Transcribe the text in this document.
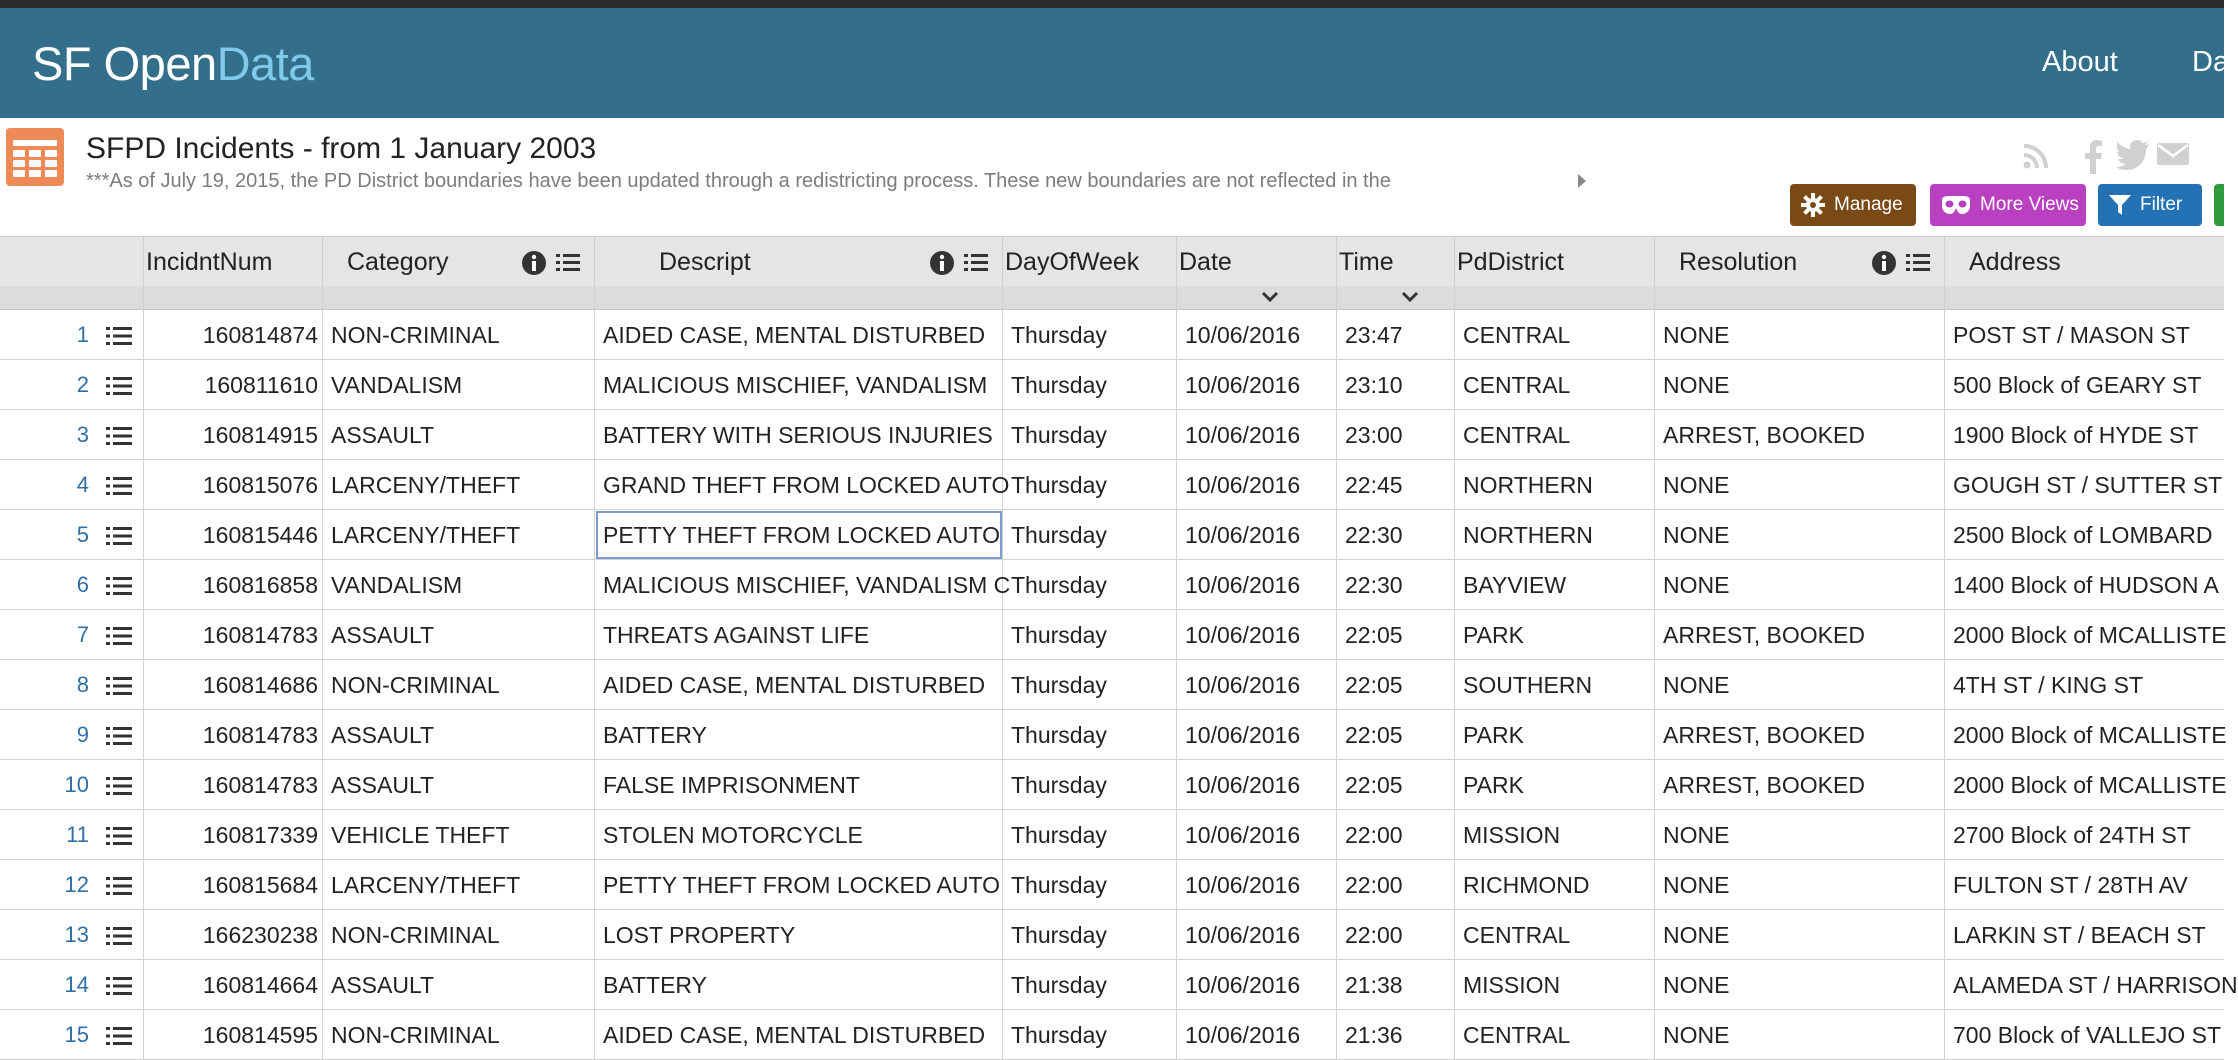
SF OpenData	About	Da
SFPD Incidents - from 1 January 2003
***As of July 19, 2015, the PD District boundaries have been updated through a redistricting process. These new boundaries are not reflected in the
Manage	More Views	Filter
IncidntNum	Category	Descript	DayOfWeek Date	Time	PdDistrict	Resolution	Address
1	160814874 NON-CRIMINAL	AIDED CASE, MENTAL DISTURBED	Thursday	10/06/2016	23:47	CENTRAL	NONE	POST ST / MASON ST
2	160811610 VANDALISM	MALICIOUS MISCHIEF, VANDALISM	Thursday	10/06/2016	23:10	CENTRAL	NONE	500 Block of GEARY ST
3	160814915 ASSAULT	BATTERY WITH SERIOUS INJURIES Thursday	10/06/2016	23:00	CENTRAL	ARREST, BOOKED	1900 Block of HYDE ST
4	160815076 LARCENY/THEFT	GRAND THEFT FROM LOCKED AUTO Thursday	10/06/2016	22:45	NORTHERN	NONE	GOUGH ST / SUTTER ST
5	160815446 LARCENY/THEFT	PETTY THEFT FROM LOCKED AUTO Thursday	10/06/2016	22:30	NORTHERN	NONE	2500 Block of LOMBARD
6	160816858 VANDALISM	MALICIOUS MISCHIEF, VANDALISM C Thursday	10/06/2016	22:30	BAYVIEW	NONE	1400 Block of HUDSON A
7	160814783 ASSAULT	THREATS AGAINST LIFE	Thursday	10/06/2016	22:05	PARK	ARREST, BOOKED	2000 Block of MCALLISTE
8	160814686 NON-CRIMINAL	AIDED CASE, MENTAL DISTURBED	Thursday	10/06/2016	22:05	SOUTHERN	NONE	4TH ST / KING ST
9	160814783 ASSAULT	BATTERY	Thursday	10/06/2016	22:05	PARK	ARREST, BOOKED	2000 Block of MCALLISTE
10	160814783 ASSAULT	FALSE IMPRISONMENT	Thursday	10/06/2016	22:05	PARK	ARREST, BOOKED	2000 Block of MCALLISTE
11	160817339 VEHICLE THEFT	STOLEN MOTORCYCLE	Thursday	10/06/2016	22:00	MISSION	NONE	2700 Block of 24TH ST
12	160815684 LARCENY/THEFT	PETTY THEFT FROM LOCKED AUTO Thursday	10/06/2016	22:00	RICHMOND	NONE	FULTON ST / 28TH AV
13	166230238 NON-CRIMINAL	LOST PROPERTY	Thursday	10/06/2016	22:00	CENTRAL	NONE	LARKIN ST / BEACH ST
14	160814664 ASSAULT	BATTERY	Thursday	10/06/2016	21:38	MISSION	NONE	ALAMEDA ST / HARRISON
15	160814595 NON-CRIMINAL	AIDED CASE, MENTAL DISTURBED	Thursday	10/06/2016	21:36	CENTRAL	NONE	700 Block of VALLEJO ST
